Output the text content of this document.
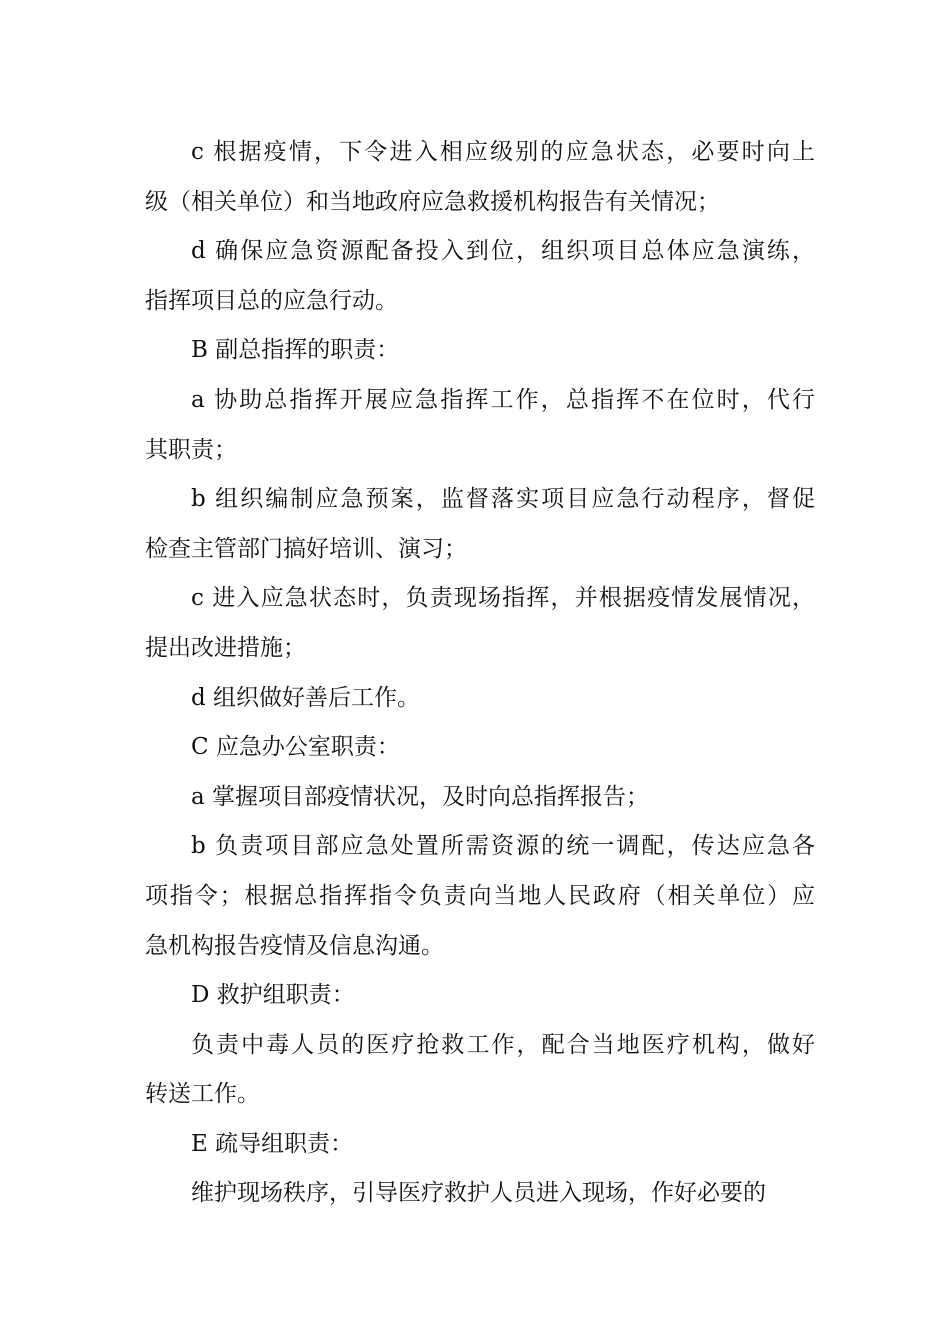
c 根据疫情，下令进入相应级别的应急状态，必要时向上
级（相关单位）和当地政府应急救援机构报告有关情况；

d 确保应急资源配备投入到位，组织项目总体应急演练，
指挥项目总的应急行动。

B 副总指挥的职责：

a 协助总指挥开展应急指挥工作，总指挥不在位时，代行
其职责；

b 组织编制应急预案，监督落实项目应急行动程序，督促
检查主管部门搞好培训、演习；

c 进入应急状态时，负责现场指挥，并根据疫情发展情况，
提出改进措施；

d 组织做好善后工作。

C 应急办公室职责：

a 掌握项目部疫情状况，及时向总指挥报告；

b 负责项目部应急处置所需资源的统一调配，传达应急各
项指令；根据总指挥指令负责向当地人民政府（相关单位）应
急机构报告疫情及信息沟通。

D 救护组职责：

负责中毒人员的医疗抢救工作，配合当地医疗机构，做好
转送工作。

E 疏导组职责：

维护现场秩序，引导医疗救护人员进入现场，作好必要的
